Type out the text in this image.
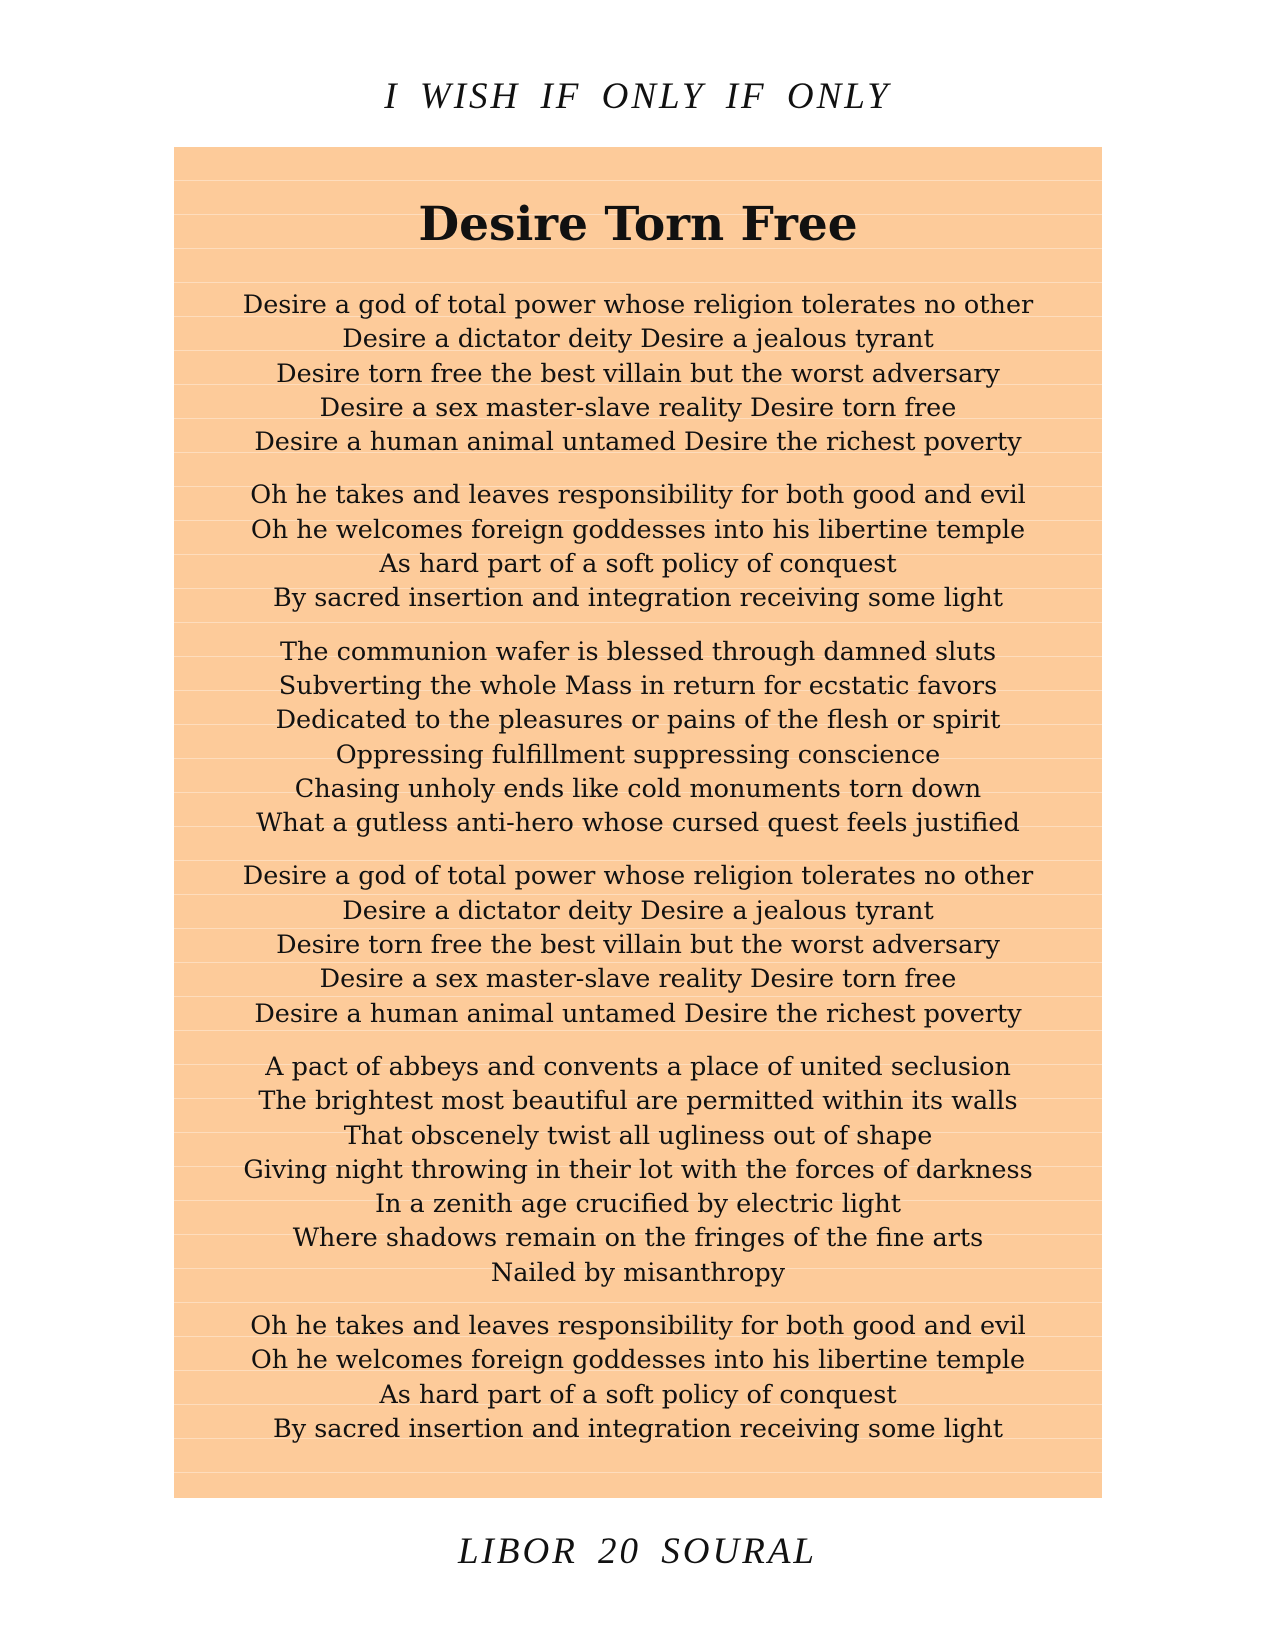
I WISH IF ONLY IF ONLY
Desire Torn Free
Desire a god of total power whose religion tolerates no other
Desire a dictator deity Desire a jealous tyrant
Desire torn free the best villain but the worst adversary
Desire a sex master-slave reality Desire torn free
Desire a human animal untamed Desire the richest poverty
Oh he takes and leaves responsibility for both good and evil
Oh he welcomes foreign goddesses into his libertine temple
As hard part of a soft policy of conquest
By sacred insertion and integration receiving some light
The communion wafer is blessed through damned sluts
Subverting the whole Mass in return for ecstatic favors
Dedicated to the pleasures or pains of the flesh or spirit
Oppressing fulfillment suppressing conscience
Chasing unholy ends like cold monuments torn down
What a gutless anti-hero whose cursed quest feels justified
Desire a god of total power whose religion tolerates no other
Desire a dictator deity Desire a jealous tyrant
Desire torn free the best villain but the worst adversary
Desire a sex master-slave reality Desire torn free
Desire a human animal untamed Desire the richest poverty
A pact of abbeys and convents a place of united seclusion
The brightest most beautiful are permitted within its walls
That obscenely twist all ugliness out of shape
Giving night throwing in their lot with the forces of darkness
In a zenith age crucified by electric light
Where shadows remain on the fringes of the fine arts
Nailed by misanthropy
Oh he takes and leaves responsibility for both good and evil
Oh he welcomes foreign goddesses into his libertine temple
As hard part of a soft policy of conquest
By sacred insertion and integration receiving some light
LIBOR 20 SOURAL
